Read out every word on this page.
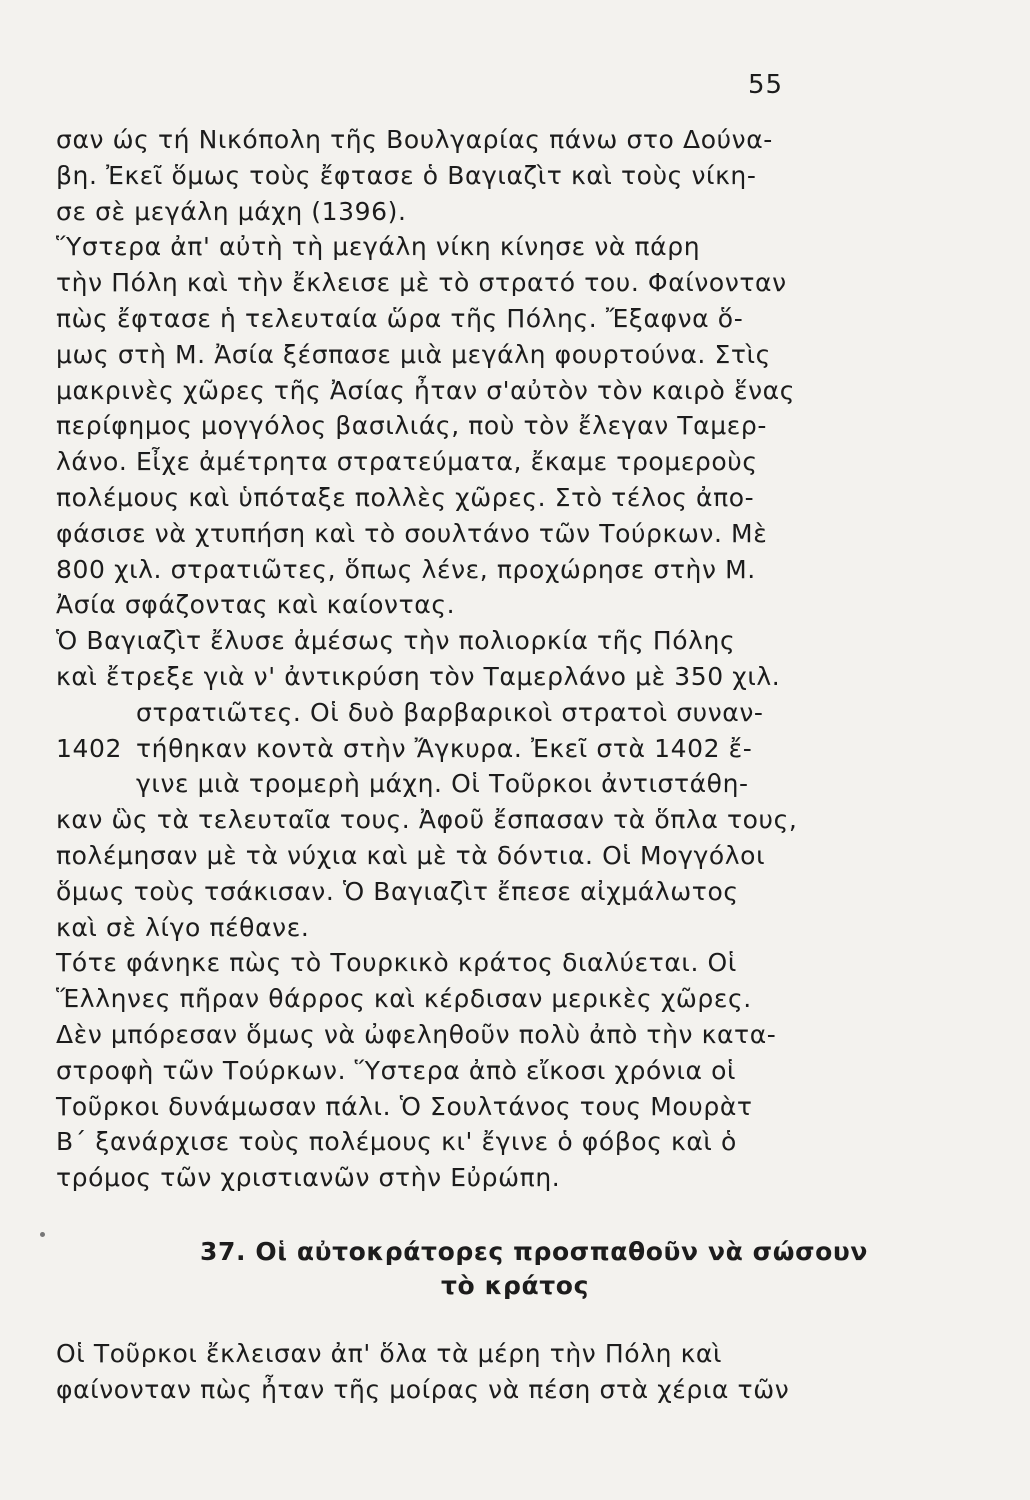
55
σαν ώς τή Νικόπολη τῆς Βουλγαρίας πάνω στο Δούνα-
βη. Ἐκεῖ ὅμως τοὺς ἔφτασε ὁ Βαγιαζὶτ καὶ τοὺς νίκη-
σε σὲ μεγάλη μάχη (1396).
Ὕστερα ἀπ' αὐτὴ τὴ μεγάλη νίκη κίνησε νὰ πάρη
τὴν Πόλη καὶ τὴν ἔκλεισε μὲ τὸ στρατό του. Φαίνονταν
πὼς ἔφτασε ἡ τελευταία ὥρα τῆς Πόλης. Ἔξαφνα ὅ-
μως στὴ Μ. Ἀσία ξέσπασε μιὰ μεγάλη φουρτούνα. Στὶς
μακρινὲς χῶρες τῆς Ἀσίας ἦταν σ'αὐτὸν τὸν καιρὸ ἕνας
περίφημος μογγόλος βασιλιάς, ποὺ τὸν ἔλεγαν Ταμερ-
λάνο. Εἶχε ἀμέτρητα στρατεύματα, ἔκαμε τρομεροὺς
πολέμους καὶ ὑπόταξε πολλὲς χῶρες. Στὸ τέλος ἀπο-
φάσισε νὰ χτυπήση καὶ τὸ σουλτάνο τῶν Τούρκων. Μὲ
800 χιλ. στρατιῶτες, ὅπως λένε, προχώρησε στὴν Μ.
Ἀσία σφάζοντας καὶ καίοντας.
Ὁ Βαγιαζὶτ ἔλυσε ἀμέσως τὴν πολιορκία τῆς Πόλης
καὶ ἔτρεξε γιὰ ν' ἀντικρύση τὸν Ταμερλάνο μὲ 350 χιλ.
στρατιῶτες. Οἱ δυὸ βαρβαρικοὶ στρατοὶ συναν-
1402 τήθηκαν κοντὰ στὴν Ἄγκυρα. Ἐκεῖ στὰ 1402 ἔ-
γινε μιὰ τρομερὴ μάχη. Οἱ Τοῦρκοι ἀντιστάθη-
καν ὣς τὰ τελευταῖα τους. Ἀφοῦ ἔσπασαν τὰ ὅπλα τους,
πολέμησαν μὲ τὰ νύχια καὶ μὲ τὰ δόντια. Οἱ Μογγόλοι
ὅμως τοὺς τσάκισαν. Ὁ Βαγιαζὶτ ἔπεσε αἰχμάλωτος
καὶ σὲ λίγο πέθανε.
Τότε φάνηκε πὼς τὸ Τουρκικὸ κράτος διαλύεται. Οἱ
Ἕλληνες πῆραν θάρρος καὶ κέρδισαν μερικὲς χῶρες.
Δὲν μπόρεσαν ὅμως νὰ ὠφεληθοῦν πολὺ ἀπὸ τὴν κατα-
στροφὴ τῶν Τούρκων. Ὕστερα ἀπὸ εἴκοσι χρόνια οἱ
Τοῦρκοι δυνάμωσαν πάλι. Ὁ Σουλτάνος τους Μουρὰτ
Β΄ ξανάρχισε τοὺς πολέμους κι' ἔγινε ὁ φόβος καὶ ὁ
τρόμος τῶν χριστιανῶν στὴν Εὐρώπη.
37. Οἱ αὐτοκράτορες προσπαθοῦν νὰ σώσουν
τὸ κράτος
Οἱ Τοῦρκοι ἔκλεισαν ἀπ' ὅλα τὰ μέρη τὴν Πόλη καὶ
φαίνονταν πὼς ἦταν τῆς μοίρας νὰ πέση στὰ χέρια τῶν
